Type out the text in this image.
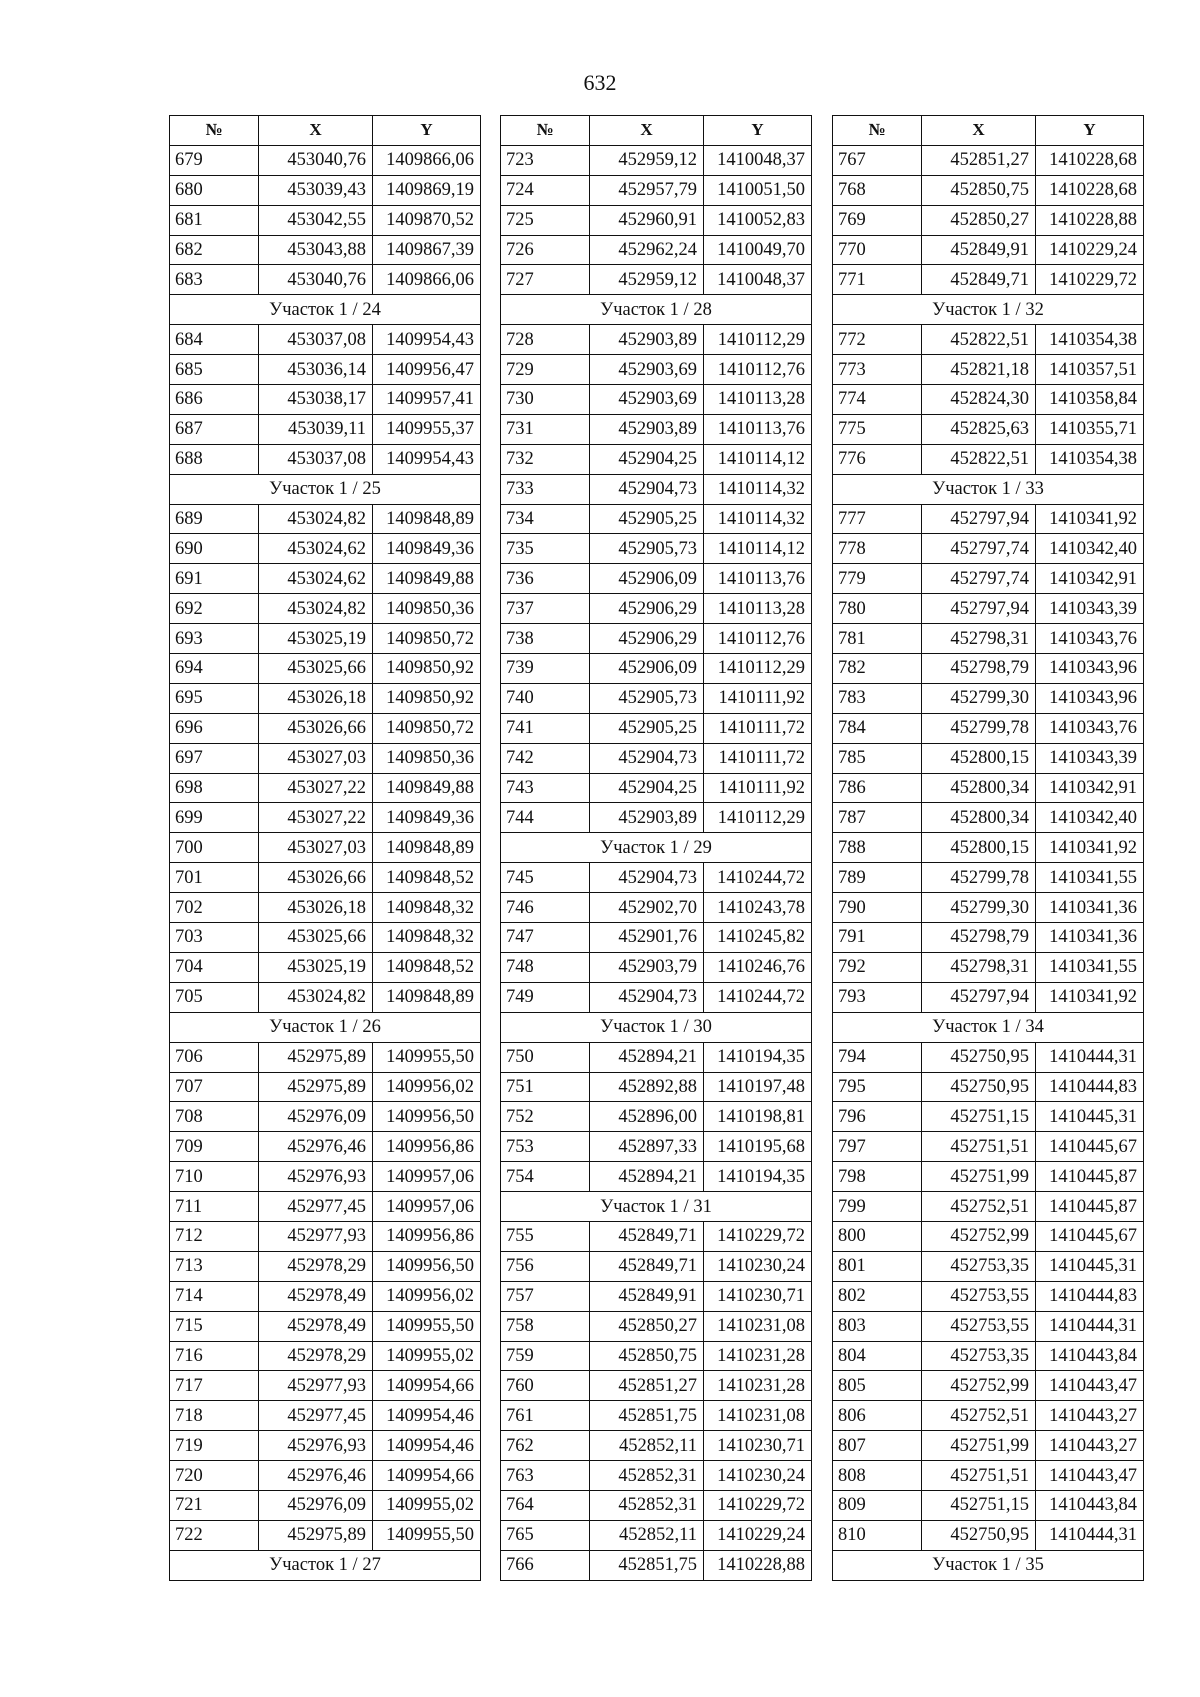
632
№	X	Y
679	453040,76	1409866,06
680	453039,43	1409869,19
681	453042,55	1409870,52
682	453043,88	1409867,39
683	453040,76	1409866,06
Участок 1 / 24		
684	453037,08	1409954,43
685	453036,14	1409956,47
686	453038,17	1409957,41
687	453039,11	1409955,37
688	453037,08	1409954,43
Участок 1 / 25		
689	453024,82	1409848,89
690	453024,62	1409849,36
691	453024,62	1409849,88
692	453024,82	1409850,36
693	453025,19	1409850,72
694	453025,66	1409850,92
695	453026,18	1409850,92
696	453026,66	1409850,72
697	453027,03	1409850,36
698	453027,22	1409849,88
699	453027,22	1409849,36
700	453027,03	1409848,89
701	453026,66	1409848,52
702	453026,18	1409848,32
703	453025,66	1409848,32
704	453025,19	1409848,52
705	453024,82	1409848,89
Участок 1 / 26		
706	452975,89	1409955,50
707	452975,89	1409956,02
708	452976,09	1409956,50
709	452976,46	1409956,86
710	452976,93	1409957,06
711	452977,45	1409957,06
712	452977,93	1409956,86
713	452978,29	1409956,50
714	452978,49	1409956,02
715	452978,49	1409955,50
716	452978,29	1409955,02
717	452977,93	1409954,66
718	452977,45	1409954,46
719	452976,93	1409954,46
720	452976,46	1409954,66
721	452976,09	1409955,02
722	452975,89	1409955,50
Участок 1 / 27		
№	X	Y
723	452959,12	1410048,37
724	452957,79	1410051,50
725	452960,91	1410052,83
726	452962,24	1410049,70
727	452959,12	1410048,37
Участок 1 / 28		
728	452903,89	1410112,29
729	452903,69	1410112,76
730	452903,69	1410113,28
731	452903,89	1410113,76
732	452904,25	1410114,12
733	452904,73	1410114,32
734	452905,25	1410114,32
735	452905,73	1410114,12
736	452906,09	1410113,76
737	452906,29	1410113,28
738	452906,29	1410112,76
739	452906,09	1410112,29
740	452905,73	1410111,92
741	452905,25	1410111,72
742	452904,73	1410111,72
743	452904,25	1410111,92
744	452903,89	1410112,29
Участок 1 / 29		
745	452904,73	1410244,72
746	452902,70	1410243,78
747	452901,76	1410245,82
748	452903,79	1410246,76
749	452904,73	1410244,72
Участок 1 / 30		
750	452894,21	1410194,35
751	452892,88	1410197,48
752	452896,00	1410198,81
753	452897,33	1410195,68
754	452894,21	1410194,35
Участок 1 / 31		
755	452849,71	1410229,72
756	452849,71	1410230,24
757	452849,91	1410230,71
758	452850,27	1410231,08
759	452850,75	1410231,28
760	452851,27	1410231,28
761	452851,75	1410231,08
762	452852,11	1410230,71
763	452852,31	1410230,24
764	452852,31	1410229,72
765	452852,11	1410229,24
766	452851,75	1410228,88
№	X	Y
767	452851,27	1410228,68
768	452850,75	1410228,68
769	452850,27	1410228,88
770	452849,91	1410229,24
771	452849,71	1410229,72
Участок 1 / 32		
772	452822,51	1410354,38
773	452821,18	1410357,51
774	452824,30	1410358,84
775	452825,63	1410355,71
776	452822,51	1410354,38
Участок 1 / 33		
777	452797,94	1410341,92
778	452797,74	1410342,40
779	452797,74	1410342,91
780	452797,94	1410343,39
781	452798,31	1410343,76
782	452798,79	1410343,96
783	452799,30	1410343,96
784	452799,78	1410343,76
785	452800,15	1410343,39
786	452800,34	1410342,91
787	452800,34	1410342,40
788	452800,15	1410341,92
789	452799,78	1410341,55
790	452799,30	1410341,36
791	452798,79	1410341,36
792	452798,31	1410341,55
793	452797,94	1410341,92
Участок 1 / 34		
794	452750,95	1410444,31
795	452750,95	1410444,83
796	452751,15	1410445,31
797	452751,51	1410445,67
798	452751,99	1410445,87
799	452752,51	1410445,87
800	452752,99	1410445,67
801	452753,35	1410445,31
802	452753,55	1410444,83
803	452753,55	1410444,31
804	452753,35	1410443,84
805	452752,99	1410443,47
806	452752,51	1410443,27
807	452751,99	1410443,27
808	452751,51	1410443,47
809	452751,15	1410443,84
810	452750,95	1410444,31
Участок 1 / 35		
